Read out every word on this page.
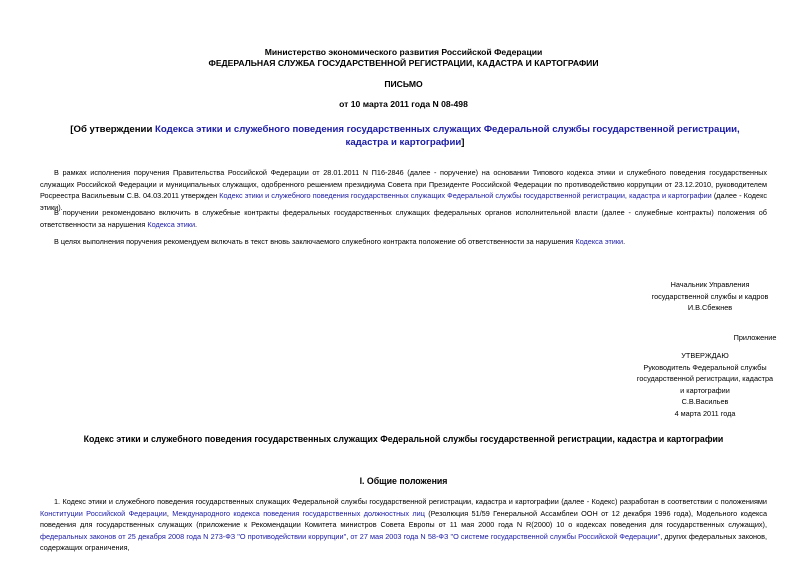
Министерство экономического развития Российской Федерации
ФЕДЕРАЛЬНАЯ СЛУЖБА ГОСУДАРСТВЕННОЙ РЕГИСТРАЦИИ, КАДАСТРА И КАРТОГРАФИИ
ПИСЬМО
от 10 марта 2011 года N 08-498
[Об утверждении Кодекса этики и служебного поведения государственных служащих Федеральной службы государственной регистрации, кадастра и картографии]

В рамках исполнения поручения Правительства Российской Федерации от 28.01.2011 N П16-2846 (далее - поручение) на основании Типового кодекса этики и служебного поведения государственных служащих Российской Федерации и муниципальных служащих, одобренного решением президиума Совета при Президенте Российской Федерации по противодействию коррупции от 23.12.2010, руководителем Росреестра Васильевым С.В. 04.03.2011 утвержден Кодекс этики и служебного поведения государственных служащих Федеральной службы государственной регистрации, кадастра и картографии (далее - Кодекс этики).

В поручении рекомендовано включить в служебные контракты федеральных государственных служащих федеральных органов исполнительной власти (далее - служебные контракты) положения об ответственности за нарушения Кодекса этики.

В целях выполнения поручения рекомендуем включать в текст вновь заключаемого служебного контракта положение об ответственности за нарушения Кодекса этики.

Начальник Управления
государственной службы и кадров
И.В.Сбежнев
Приложение
УТВЕРЖДАЮ
Руководитель Федеральной службы
государственной регистрации, кадастра
и картографии
С.В.Васильев
4 марта 2011 года
Кодекс этики и служебного поведения государственных служащих Федеральной службы государственной регистрации, кадастра и картографии
I. Общие положения

1. Кодекс этики и служебного поведения государственных служащих Федеральной службы государственной регистрации, кадастра и картографии (далее - Кодекс) разработан в соответствии с положениями Конституции Российской Федерации, Международного кодекса поведения государственных должностных лиц (Резолюция 51/59 Генеральной Ассамблеи ООН от 12 декабря 1996 года), Модельного кодекса поведения для государственных служащих (приложение к Рекомендации Комитета министров Совета Европы от 11 мая 2000 года N R(2000) 10 о кодексах поведения для государственных служащих), федеральных законов от 25 декабря 2008 года N 273-ФЗ "О противодействии коррупции", от 27 мая 2003 года N 58-ФЗ "О системе государственной службы Российской Федерации", других федеральных законов, содержащих ограничения,
